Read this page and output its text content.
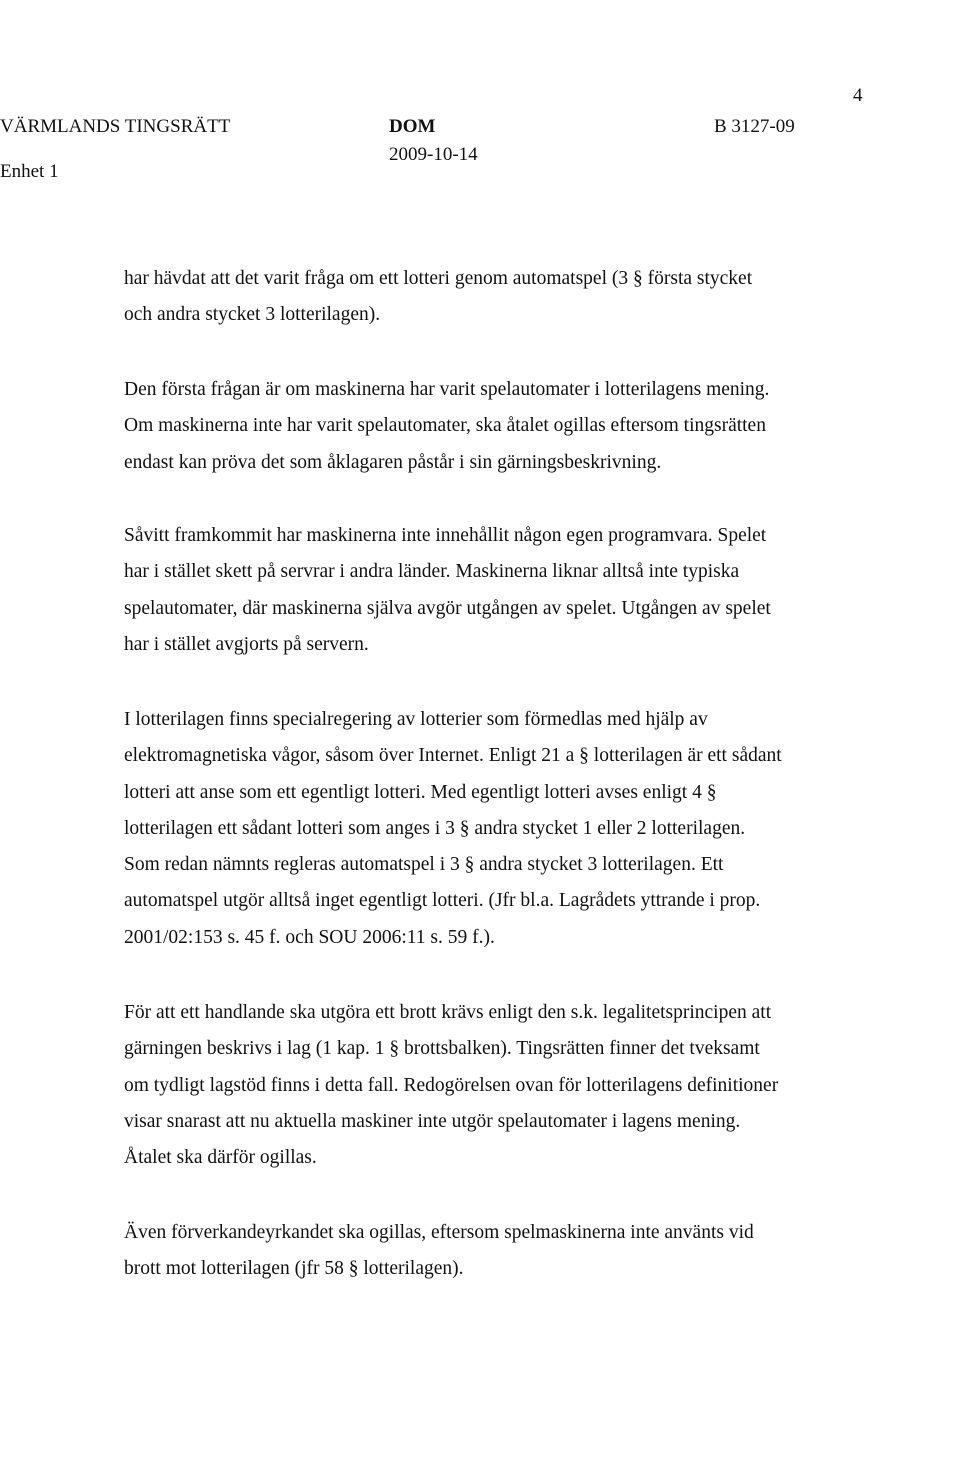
4
VÄRMLANDS TINGSRÄTT
Enhet 1
DOM
2009-10-14
B 3127-09

har hävdat att det varit fråga om ett lotteri genom automatspel (3 § första stycket
och andra stycket 3 lotterilagen).

Den första frågan är om maskinerna har varit spelautomater i lotterilagens mening.
Om maskinerna inte har varit spelautomater, ska åtalet ogillas eftersom tingsrätten
endast kan pröva det som åklagaren påstår i sin gärningsbeskrivning.

Såvitt framkommit har maskinerna inte innehållit någon egen programvara. Spelet
har i stället skett på servrar i andra länder. Maskinerna liknar alltså inte typiska
spelautomater, där maskinerna själva avgör utgången av spelet. Utgången av spelet
har i stället avgjorts på servern.

I lotterilagen finns specialregering av lotterier som förmedlas med hjälp av
elektromagnetiska vågor, såsom över Internet. Enligt 21 a § lotterilagen är ett sådant
lotteri att anse som ett egentligt lotteri. Med egentligt lotteri avses enligt 4 §
lotterilagen ett sådant lotteri som anges i 3 § andra stycket 1 eller 2 lotterilagen.
Som redan nämnts regleras automatspel i 3 § andra stycket 3 lotterilagen. Ett
automatspel utgör alltså inget egentligt lotteri. (Jfr bl.a. Lagrådets yttrande i prop.
2001/02:153 s. 45 f. och SOU 2006:11 s. 59 f.).

För att ett handlande ska utgöra ett brott krävs enligt den s.k. legalitetsprincipen att
gärningen beskrivs i lag (1 kap. 1 § brottsbalken). Tingsrätten finner det tveksamt
om tydligt lagstöd finns i detta fall. Redogörelsen ovan för lotterilagens definitioner
visar snarast att nu aktuella maskiner inte utgör spelautomater i lagens mening.
Åtalet ska därför ogillas.

Även förverkandeyrkandet ska ogillas, eftersom spelmaskinerna inte använts vid
brott mot lotterilagen (jfr 58 § lotterilagen).
